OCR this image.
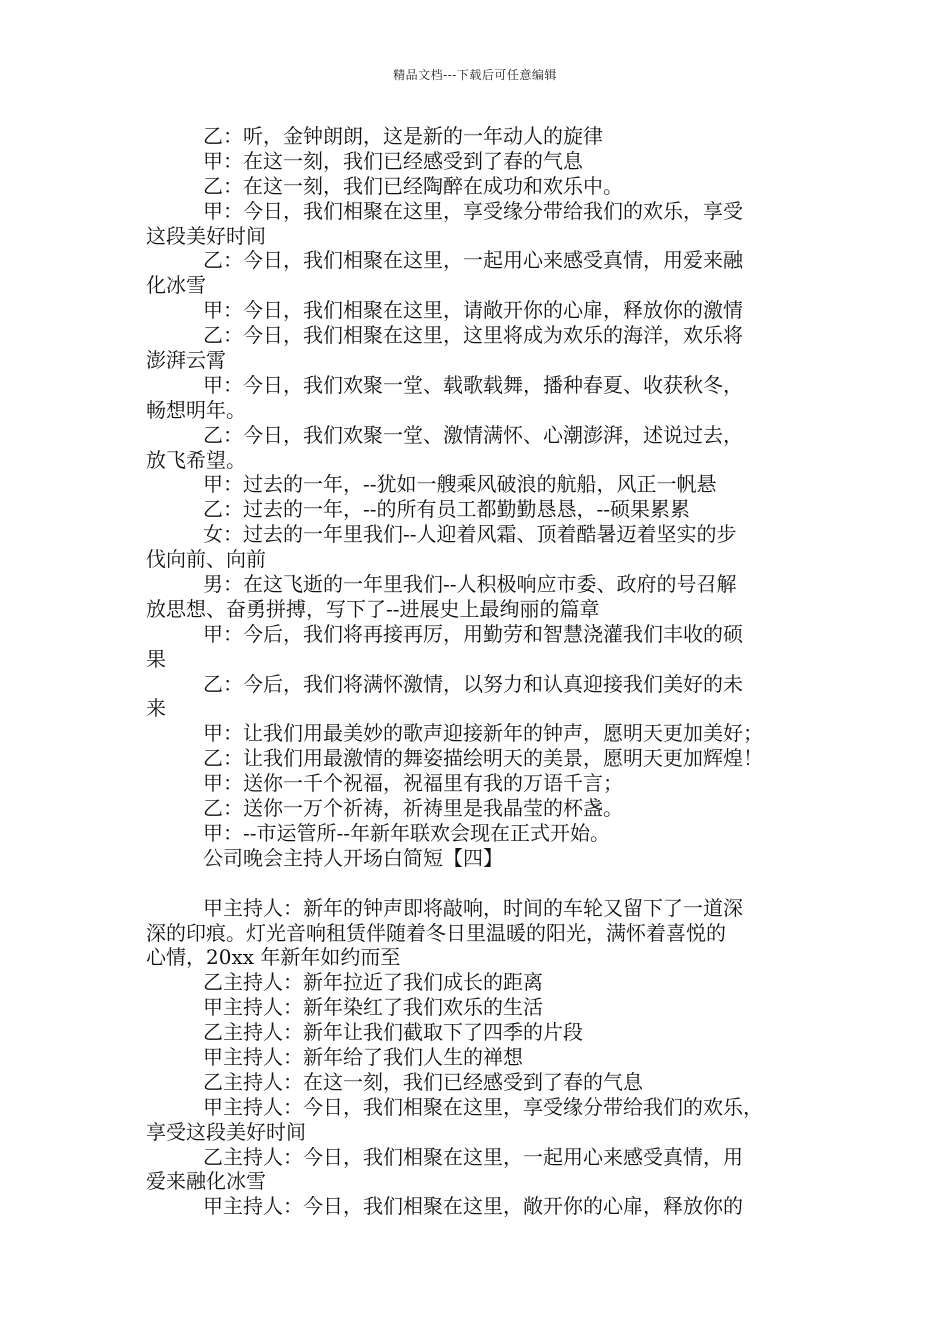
精品文档---下载后可任意编辑
乙：听，金钟朗朗，这是新的一年动人的旋律
甲：在这一刻，我们已经感受到了春的气息
乙：在这一刻，我们已经陶醉在成功和欢乐中。
甲：今日，我们相聚在这里，享受缘分带给我们的欢乐，享受
这段美好时间
乙：今日，我们相聚在这里，一起用心来感受真情，用爱来融
化冰雪
甲：今日，我们相聚在这里，请敞开你的心扉，释放你的激情
乙：今日，我们相聚在这里，这里将成为欢乐的海洋，欢乐将
澎湃云霄
甲：今日，我们欢聚一堂、载歌载舞，播种春夏、收获秋冬，
畅想明年。
乙：今日，我们欢聚一堂、激情满怀、心潮澎湃，述说过去，
放飞希望。
甲：过去的一年，--犹如一艘乘风破浪的航船，风正一帆悬
乙：过去的一年，--的所有员工都勤勤恳恳，--硕果累累
女：过去的一年里我们--人迎着风霜、顶着酷暑迈着坚实的步
伐向前、向前
男：在这飞逝的一年里我们--人积极响应市委、政府的号召解
放思想、奋勇拼搏，写下了--进展史上最绚丽的篇章
甲：今后，我们将再接再厉，用勤劳和智慧浇灌我们丰收的硕
果
乙：今后，我们将满怀激情，以努力和认真迎接我们美好的未
来
甲：让我们用最美妙的歌声迎接新年的钟声，愿明天更加美好；
乙：让我们用最激情的舞姿描绘明天的美景，愿明天更加辉煌！
甲：送你一千个祝福，祝福里有我的万语千言；
乙：送你一万个祈祷，祈祷里是我晶莹的杯盏。
甲：--市运管所--年新年联欢会现在正式开始。
公司晚会主持人开场白简短【四】
甲主持人：新年的钟声即将敲响，时间的车轮又留下了一道深
深的印痕。灯光音响租赁伴随着冬日里温暖的阳光，满怀着喜悦的
心情，20xx 年新年如约而至
乙主持人：新年拉近了我们成长的距离
甲主持人：新年染红了我们欢乐的生活
乙主持人：新年让我们截取下了四季的片段
甲主持人：新年给了我们人生的禅想
乙主持人：在这一刻，我们已经感受到了春的气息
甲主持人：今日，我们相聚在这里，享受缘分带给我们的欢乐，
享受这段美好时间
乙主持人：今日，我们相聚在这里，一起用心来感受真情，用
爱来融化冰雪
甲主持人：今日，我们相聚在这里，敞开你的心扉，释放你的
